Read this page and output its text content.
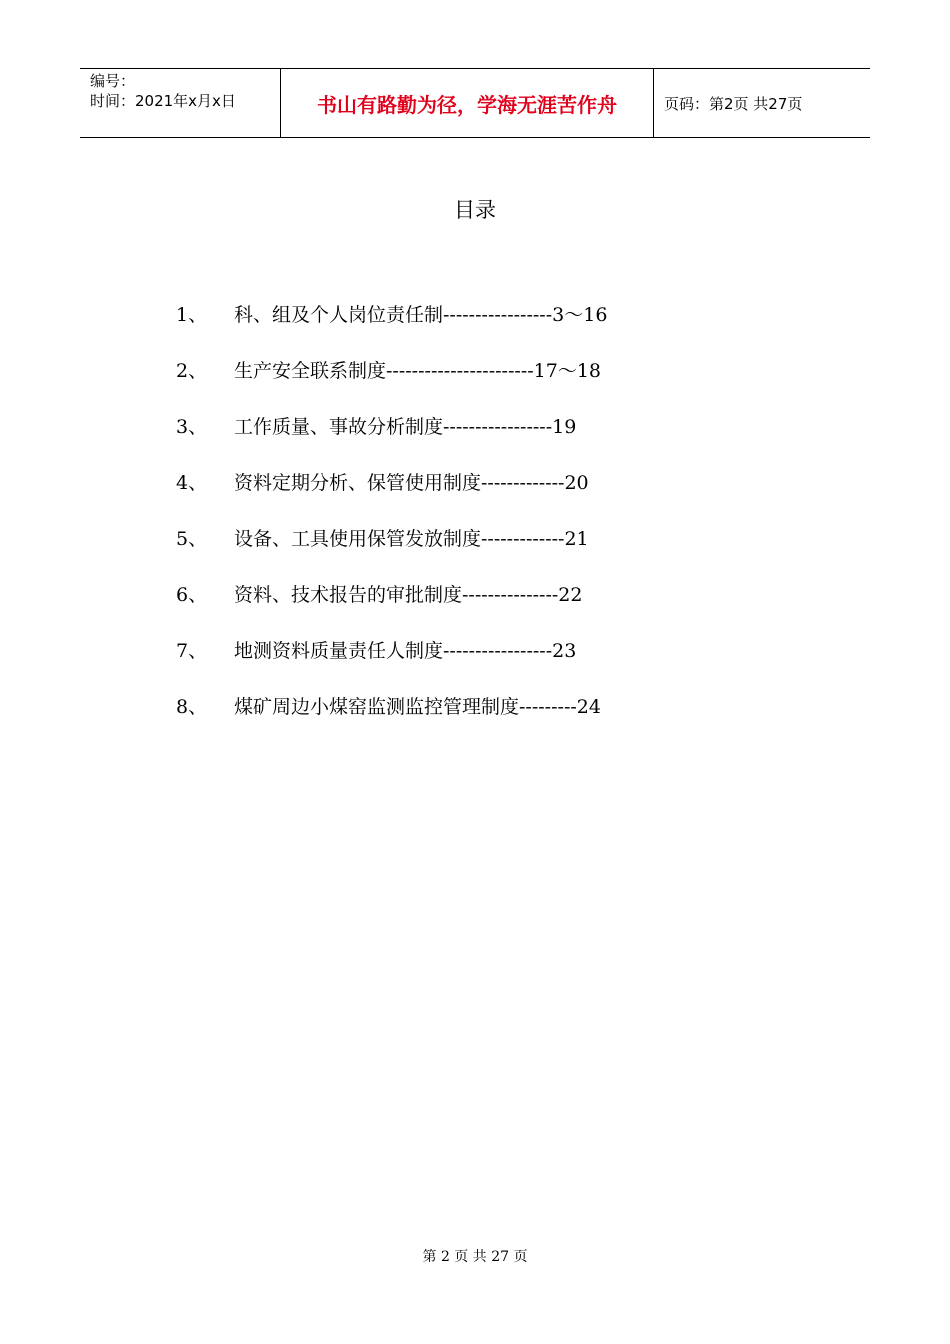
编号：
时间：2021年x月x日	书山有路勤为径，学海无涯苦作舟	页码：第2页 共27页
目录
1、	科、组及个人岗位责任制-----------------3～16
2、	生产安全联系制度-----------------------17～18
3、	工作质量、事故分析制度-----------------19
4、	资料定期分析、保管使用制度-------------20
5、	设备、工具使用保管发放制度-------------21
6、	资料、技术报告的审批制度---------------22
7、	地测资料质量责任人制度-----------------23
8、	煤矿周边小煤窑监测监控管理制度---------24
第 2 页 共 27 页
